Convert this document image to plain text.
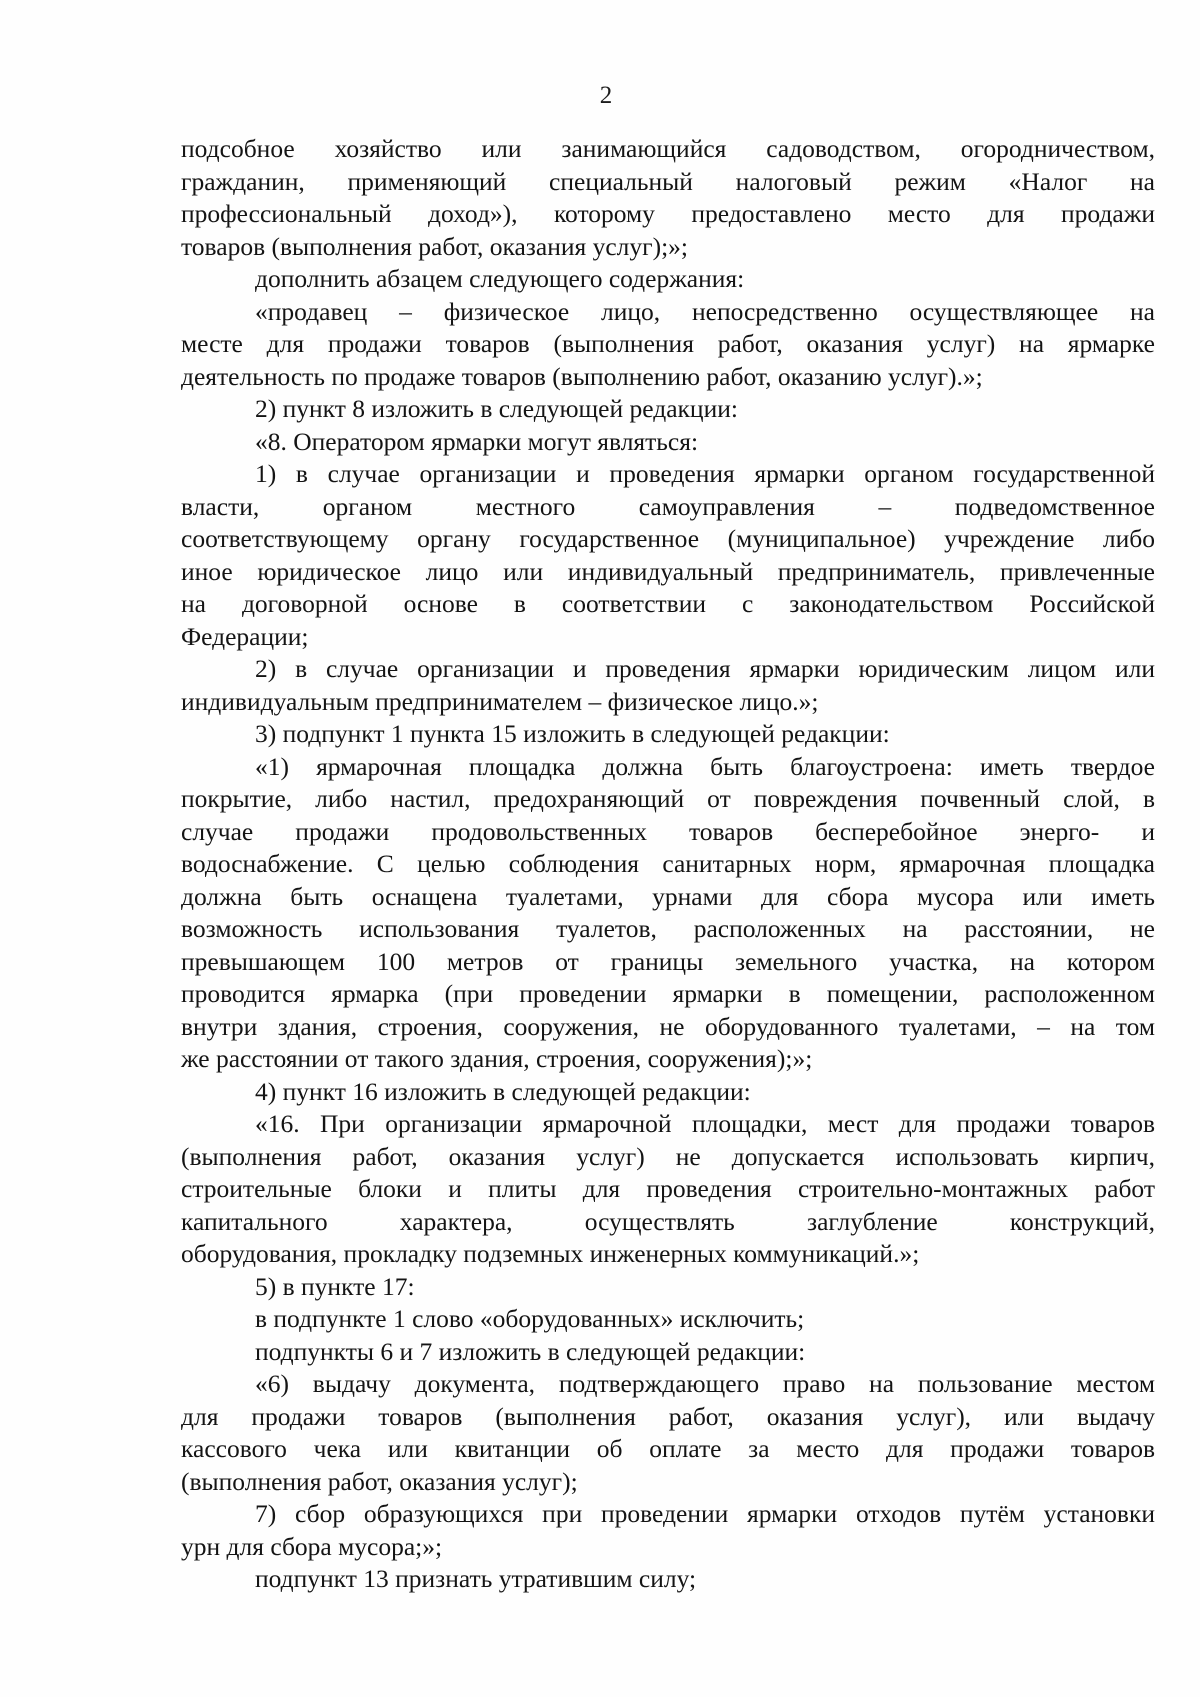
2
подсобное хозяйство или занимающийся садоводством, огородничеством,
гражданин, применяющий специальный налоговый режим «Налог на
профессиональный доход»), которому предоставлено место для продажи
товаров (выполнения работ, оказания услуг);»;
дополнить абзацем следующего содержания:
«продавец – физическое лицо, непосредственно осуществляющее на
месте для продажи товаров (выполнения работ, оказания услуг) на ярмарке
деятельность по продаже товаров (выполнению работ, оказанию услуг).»;
2) пункт 8 изложить в следующей редакции:
«8. Оператором ярмарки могут являться:
1) в случае организации и проведения ярмарки органом государственной
власти, органом местного самоуправления – подведомственное
соответствующему органу государственное (муниципальное) учреждение либо
иное юридическое лицо или индивидуальный предприниматель, привлеченные
на договорной основе в соответствии с законодательством Российской
Федерации;
2) в случае организации и проведения ярмарки юридическим лицом или
индивидуальным предпринимателем – физическое лицо.»;
3) подпункт 1 пункта 15 изложить в следующей редакции:
«1) ярмарочная площадка должна быть благоустроена: иметь твердое
покрытие, либо настил, предохраняющий от повреждения почвенный слой, в
случае продажи продовольственных товаров бесперебойное энерго- и
водоснабжение. С целью соблюдения санитарных норм, ярмарочная площадка
должна быть оснащена туалетами, урнами для сбора мусора или иметь
возможность использования туалетов, расположенных на расстоянии, не
превышающем 100 метров от границы земельного участка, на котором
проводится ярмарка (при проведении ярмарки в помещении, расположенном
внутри здания, строения, сооружения, не оборудованного туалетами, – на том
же расстоянии от такого здания, строения, сооружения);»;
4) пункт 16 изложить в следующей редакции:
«16. При организации ярмарочной площадки, мест для продажи товаров
(выполнения работ, оказания услуг) не допускается использовать кирпич,
строительные блоки и плиты для проведения строительно-монтажных работ
капитального характера, осуществлять заглубление конструкций,
оборудования, прокладку подземных инженерных коммуникаций.»;
5) в пункте 17:
в подпункте 1 слово «оборудованных» исключить;
подпункты 6 и 7 изложить в следующей редакции:
«6) выдачу документа, подтверждающего право на пользование местом
для продажи товаров (выполнения работ, оказания услуг), или выдачу
кассового чека или квитанции об оплате за место для продажи товаров
(выполнения работ, оказания услуг);
7) сбор образующихся при проведении ярмарки отходов путём установки
урн для сбора мусора;»;
подпункт 13 признать утратившим силу;
